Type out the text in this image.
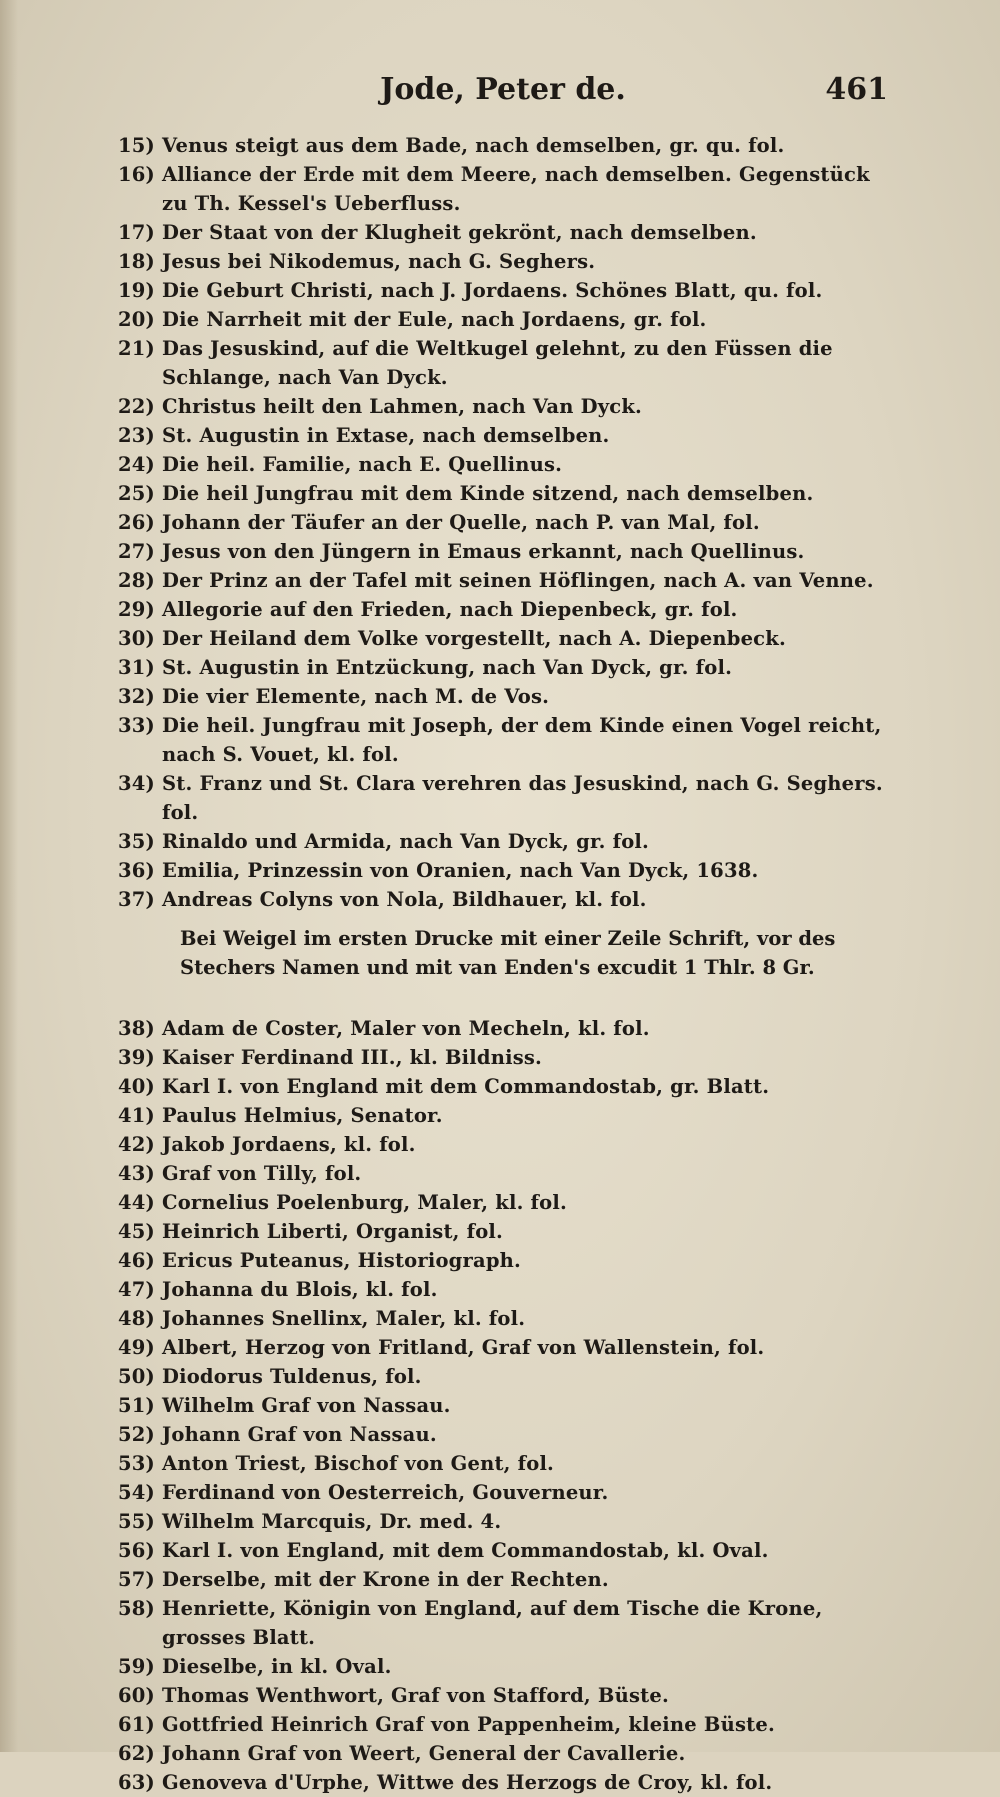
Jode, Peter de.	461
15) Venus steigt aus dem Bade, nach demselben, gr. qu. fol.
16) Alliance der Erde mit dem Meere, nach demselben. Gegenstück zu Th. Kessel's Ueberfluss.
17) Der Staat von der Klugheit gekrönt, nach demselben.
18) Jesus bei Nikodemus, nach G. Seghers.
19) Die Geburt Christi, nach J. Jordaens. Schönes Blatt, qu. fol.
20) Die Narrheit mit der Eule, nach Jordaens, gr. fol.
21) Das Jesuskind, auf die Weltkugel gelehnt, zu den Füssen die Schlange, nach Van Dyck.
22) Christus heilt den Lahmen, nach Van Dyck.
23) St. Augustin in Extase, nach demselben.
24) Die heil. Familie, nach E. Quellinus.
25) Die heil Jungfrau mit dem Kinde sitzend, nach demselben.
26) Johann der Täufer an der Quelle, nach P. van Mal, fol.
27) Jesus von den Jüngern in Emaus erkannt, nach Quellinus.
28) Der Prinz an der Tafel mit seinen Höflingen, nach A. van Venne.
29) Allegorie auf den Frieden, nach Diepenbeck, gr. fol.
30) Der Heiland dem Volke vorgestellt, nach A. Diepenbeck.
31) St. Augustin in Entzückung, nach Van Dyck, gr. fol.
32) Die vier Elemente, nach M. de Vos.
33) Die heil. Jungfrau mit Joseph, der dem Kinde einen Vogel reicht, nach S. Vouet, kl. fol.
34) St. Franz und St. Clara verehren das Jesuskind, nach G. Seghers. fol.
35) Rinaldo und Armida, nach Van Dyck, gr. fol.
36) Emilia, Prinzessin von Oranien, nach Van Dyck, 1638.
37) Andreas Colyns von Nola, Bildhauer, kl. fol.
Bei Weigel im ersten Drucke mit einer Zeile Schrift, vor des Stechers Namen und mit van Enden's excudit 1 Thlr. 8 Gr.
38) Adam de Coster, Maler von Mecheln, kl. fol.
39) Kaiser Ferdinand III., kl. Bildniss.
40) Karl I. von England mit dem Commandostab, gr. Blatt.
41) Paulus Helmius, Senator.
42) Jakob Jordaens, kl. fol.
43) Graf von Tilly, fol.
44) Cornelius Poelenburg, Maler, kl. fol.
45) Heinrich Liberti, Organist, fol.
46) Ericus Puteanus, Historiograph.
47) Johanna du Blois, kl. fol.
48) Johannes Snellinx, Maler, kl. fol.
49) Albert, Herzog von Fritland, Graf von Wallenstein, fol.
50) Diodorus Tuldenus, fol.
51) Wilhelm Graf von Nassau.
52) Johann Graf von Nassau.
53) Anton Triest, Bischof von Gent, fol.
54) Ferdinand von Oesterreich, Gouverneur.
55) Wilhelm Marcquis, Dr. med. 4.
56) Karl I. von England, mit dem Commandostab, kl. Oval.
57) Derselbe, mit der Krone in der Rechten.
58) Henriette, Königin von England, auf dem Tische die Krone, grosses Blatt.
59) Dieselbe, in kl. Oval.
60) Thomas Wenthwort, Graf von Stafford, Büste.
61) Gottfried Heinrich Graf von Pappenheim, kleine Büste.
62) Johann Graf von Weert, General der Cavallerie.
63) Genoveva d'Urphe, Wittwe des Herzogs de Croy, kl. fol.
